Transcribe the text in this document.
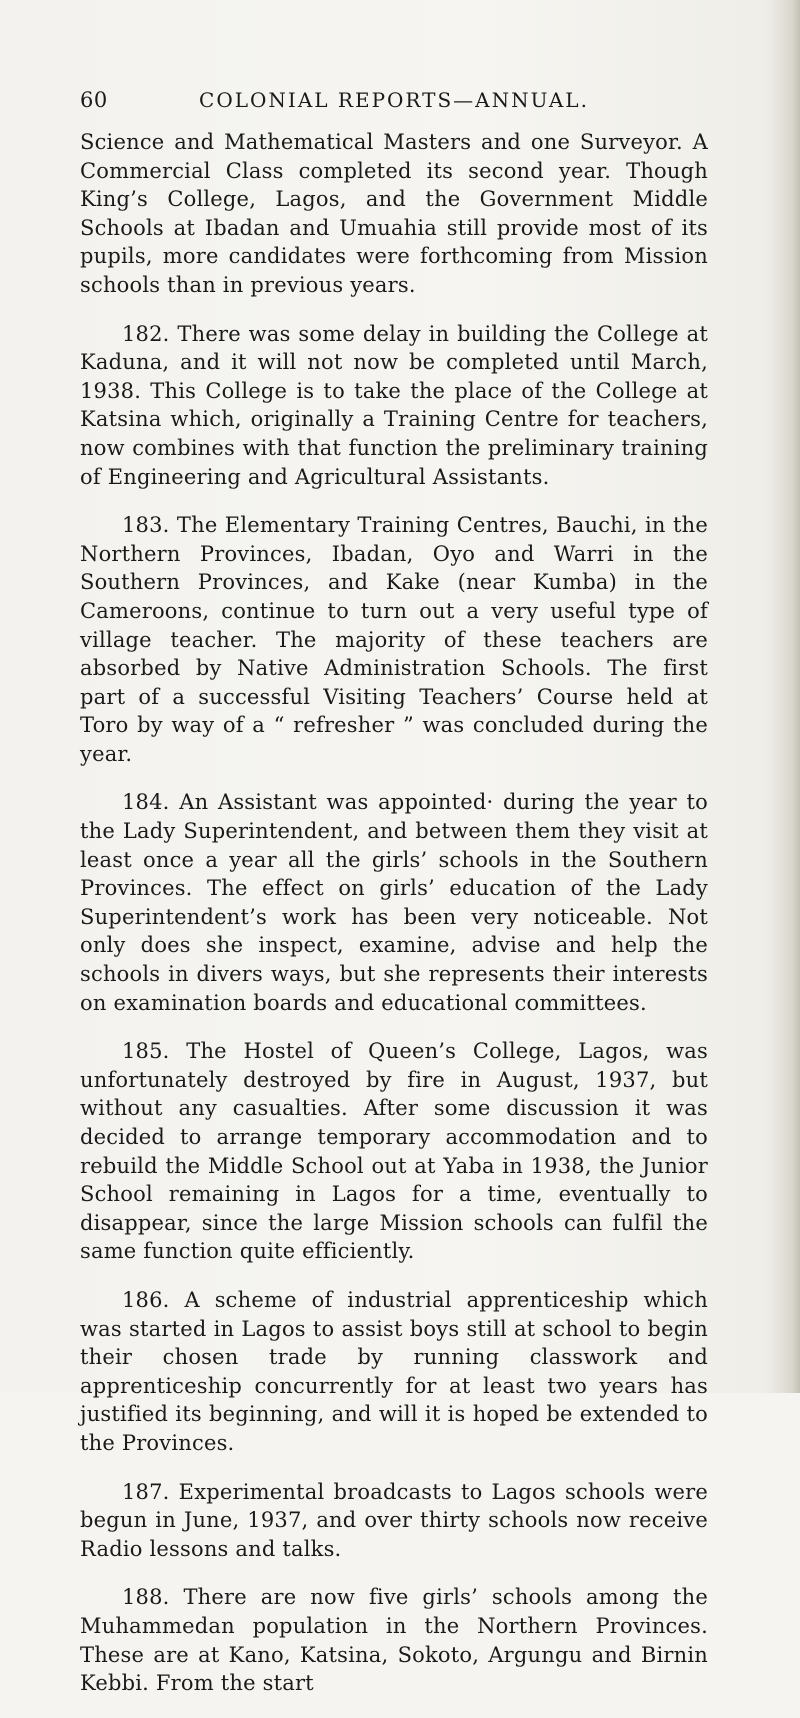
60	COLONIAL REPORTS—ANNUAL.

Science and Mathematical Masters and one Surveyor. A Commercial Class completed its second year. Though King’s College, Lagos, and the Government Middle Schools at Ibadan and Umuahia still provide most of its pupils, more candidates were forthcoming from Mission schools than in previous years.

182. There was some delay in building the College at Kaduna, and it will not now be completed until March, 1938. This College is to take the place of the College at Katsina which, originally a Training Centre for teachers, now combines with that function the preliminary training of Engineering and Agricultural Assistants.

183. The Elementary Training Centres, Bauchi, in the Northern Provinces, Ibadan, Oyo and Warri in the Southern Provinces, and Kake (near Kumba) in the Cameroons, continue to turn out a very useful type of village teacher. The majority of these teachers are absorbed by Native Administration Schools. The first part of a successful Visiting Teachers’ Course held at Toro by way of a “ refresher ” was concluded during the year.

184. An Assistant was appointed· during the year to the Lady Superintendent, and between them they visit at least once a year all the girls’ schools in the Southern Provinces. The effect on girls’ education of the Lady Superintendent’s work has been very noticeable. Not only does she inspect, examine, advise and help the schools in divers ways, but she represents their interests on examination boards and educational committees.

185. The Hostel of Queen’s College, Lagos, was unfortunately destroyed by fire in August, 1937, but without any casualties. After some discussion it was decided to arrange temporary accommodation and to rebuild the Middle School out at Yaba in 1938, the Junior School remaining in Lagos for a time, eventually to disappear, since the large Mission schools can fulfil the same function quite efficiently.

186. A scheme of industrial apprenticeship which was started in Lagos to assist boys still at school to begin their chosen trade by running classwork and apprenticeship concurrently for at least two years has justified its beginning, and will it is hoped be extended to the Provinces.

187. Experimental broadcasts to Lagos schools were begun in June, 1937, and over thirty schools now receive Radio lessons and talks.

188. There are now five girls’ schools among the Muhammedan population in the Northern Provinces. These are at Kano, Katsina, Sokoto, Argungu and Birnin Kebbi. From the start
